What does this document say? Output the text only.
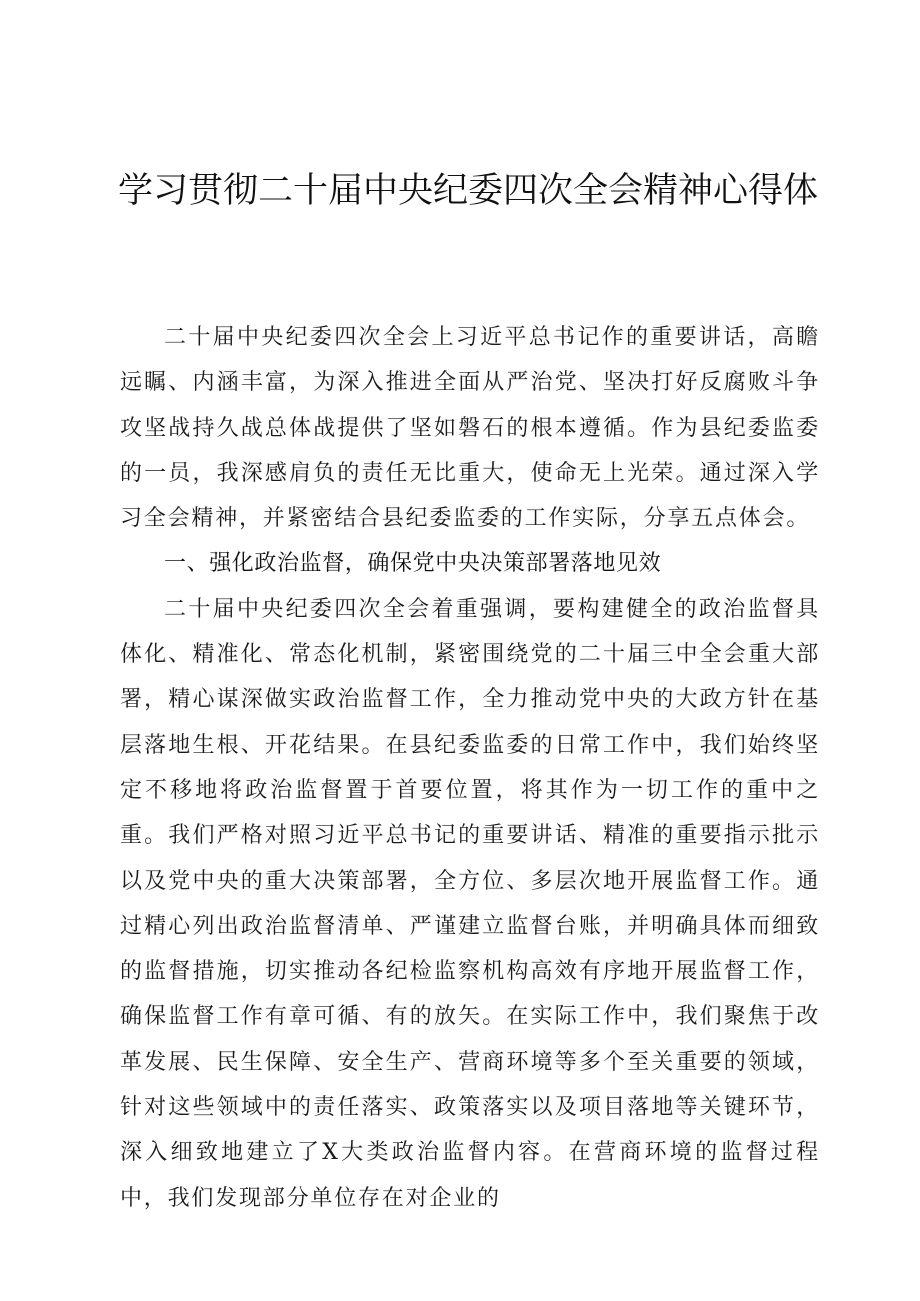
学习贯彻二十届中央纪委四次全会精神心得体

二十届中央纪委四次全会上习近平总书记作的重要讲话，高瞻远瞩、内涵丰富，为深入推进全面从严治党、坚决打好反腐败斗争攻坚战持久战总体战提供了坚如磐石的根本遵循。作为县纪委监委的一员，我深感肩负的责任无比重大，使命无上光荣。通过深入学习全会精神，并紧密结合县纪委监委的工作实际，分享五点体会。

一、强化政治监督，确保党中央决策部署落地见效

二十届中央纪委四次全会着重强调，要构建健全的政治监督具体化、精准化、常态化机制，紧密围绕党的二十届三中全会重大部署，精心谋深做实政治监督工作，全力推动党中央的大政方针在基层落地生根、开花结果。在县纪委监委的日常工作中，我们始终坚定不移地将政治监督置于首要位置，将其作为一切工作的重中之重。我们严格对照习近平总书记的重要讲话、精准的重要指示批示以及党中央的重大决策部署，全方位、多层次地开展监督工作。通过精心列出政治监督清单、严谨建立监督台账，并明确具体而细致的监督措施，切实推动各纪检监察机构高效有序地开展监督工作，确保监督工作有章可循、有的放矢。在实际工作中，我们聚焦于改革发展、民生保障、安全生产、营商环境等多个至关重要的领域，针对这些领域中的责任落实、政策落实以及项目落地等关键环节，深入细致地建立了X大类政治监督内容。在营商环境的监督过程中，我们发现部分单位存在对企业的
